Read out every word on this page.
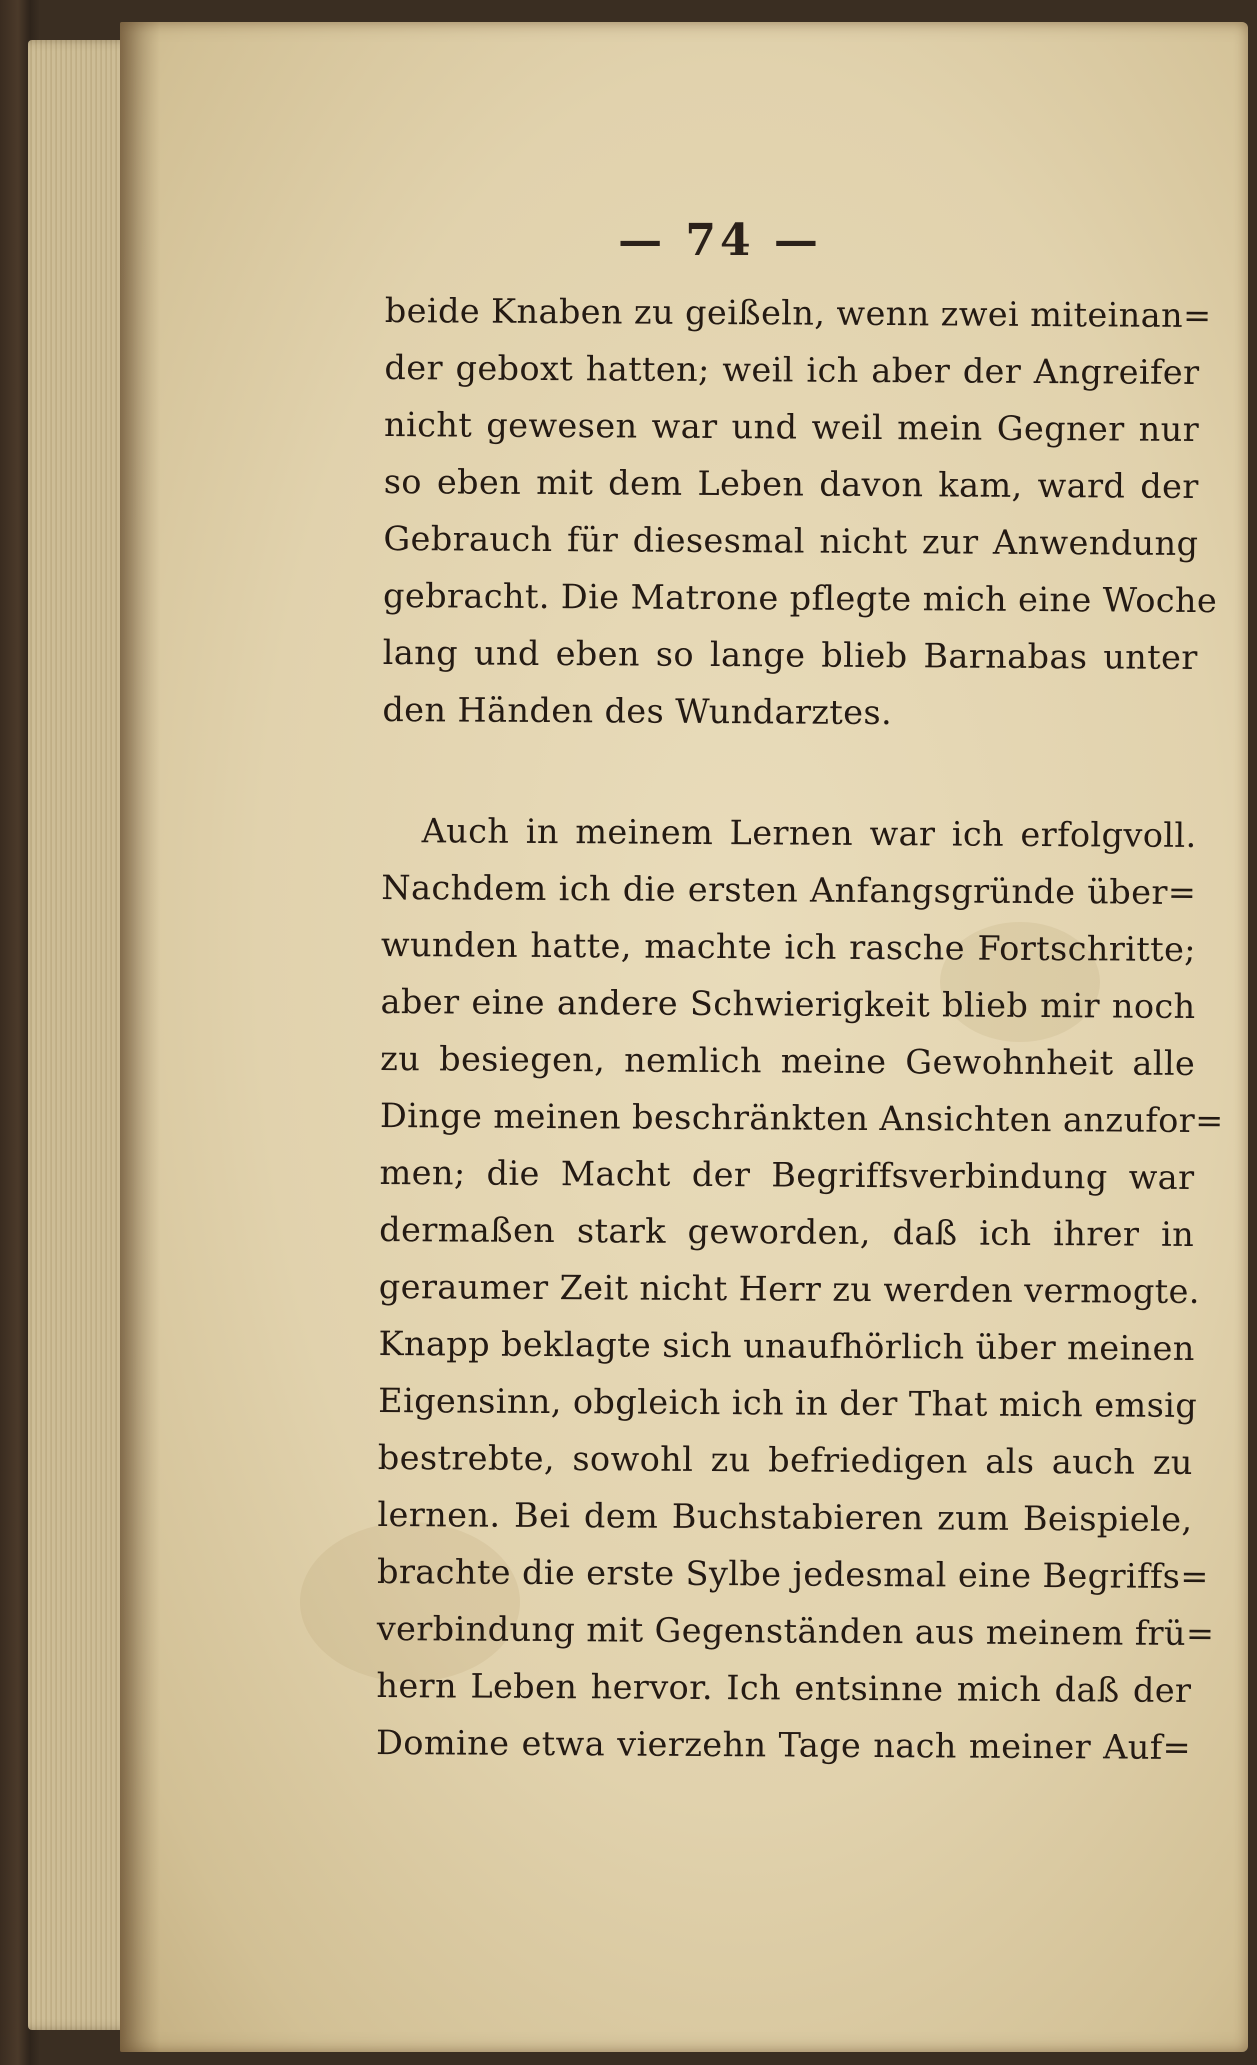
— 74 —
beide Knaben zu geißeln, wenn zwei miteinan=
der geboxt hatten; weil ich aber der Angreifer
nicht gewesen war und weil mein Gegner nur
so eben mit dem Leben davon kam, ward der
Gebrauch für diesesmal nicht zur Anwendung
gebracht. Die Matrone pflegte mich eine Woche
lang und eben so lange blieb Barnabas unter
den Händen des Wundarztes.
Auch in meinem Lernen war ich erfolgvoll.
Nachdem ich die ersten Anfangsgründe über=
wunden hatte, machte ich rasche Fortschritte;
aber eine andere Schwierigkeit blieb mir noch
zu besiegen, nemlich meine Gewohnheit alle
Dinge meinen beschränkten Ansichten anzufor=
men; die Macht der Begriffsverbindung war
dermaßen stark geworden, daß ich ihrer in
geraumer Zeit nicht Herr zu werden vermogte.
Knapp beklagte sich unaufhörlich über meinen
Eigensinn, obgleich ich in der That mich emsig
bestrebte, sowohl zu befriedigen als auch zu
lernen. Bei dem Buchstabieren zum Beispiele,
brachte die erste Sylbe jedesmal eine Begriffs=
verbindung mit Gegenständen aus meinem frü=
hern Leben hervor. Ich entsinne mich daß der
Domine etwa vierzehn Tage nach meiner Auf=
